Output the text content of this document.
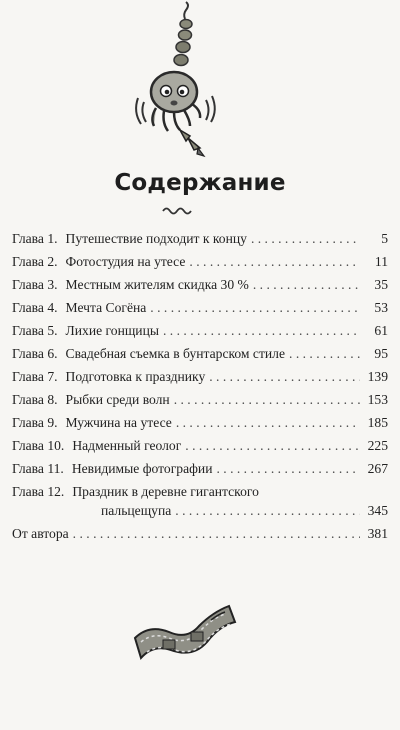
Содержание
Глава 1. Путешествие подходит к концу . . .	5
Глава 2. Фотостудия на утесе . . .	11
Глава 3. Местным жителям скидка 30 % . . .	35
Глава 4. Мечта Согёна . . .	53
Глава 5. Лихие гонщицы . . .	61
Глава 6. Свадебная съемка в бунтарском стиле . . .	95
Глава 7. Подготовка к празднику . . .	139
Глава 8. Рыбки среди волн . . .	153
Глава 9. Мужчина на утесе . . .	185
Глава 10. Надменный геолог . . .	225
Глава 11. Невидимые фотографии . . .	267
Глава 12. Праздник в деревне гигантского
пальцещупа . . .	345
От автора . . .	381
